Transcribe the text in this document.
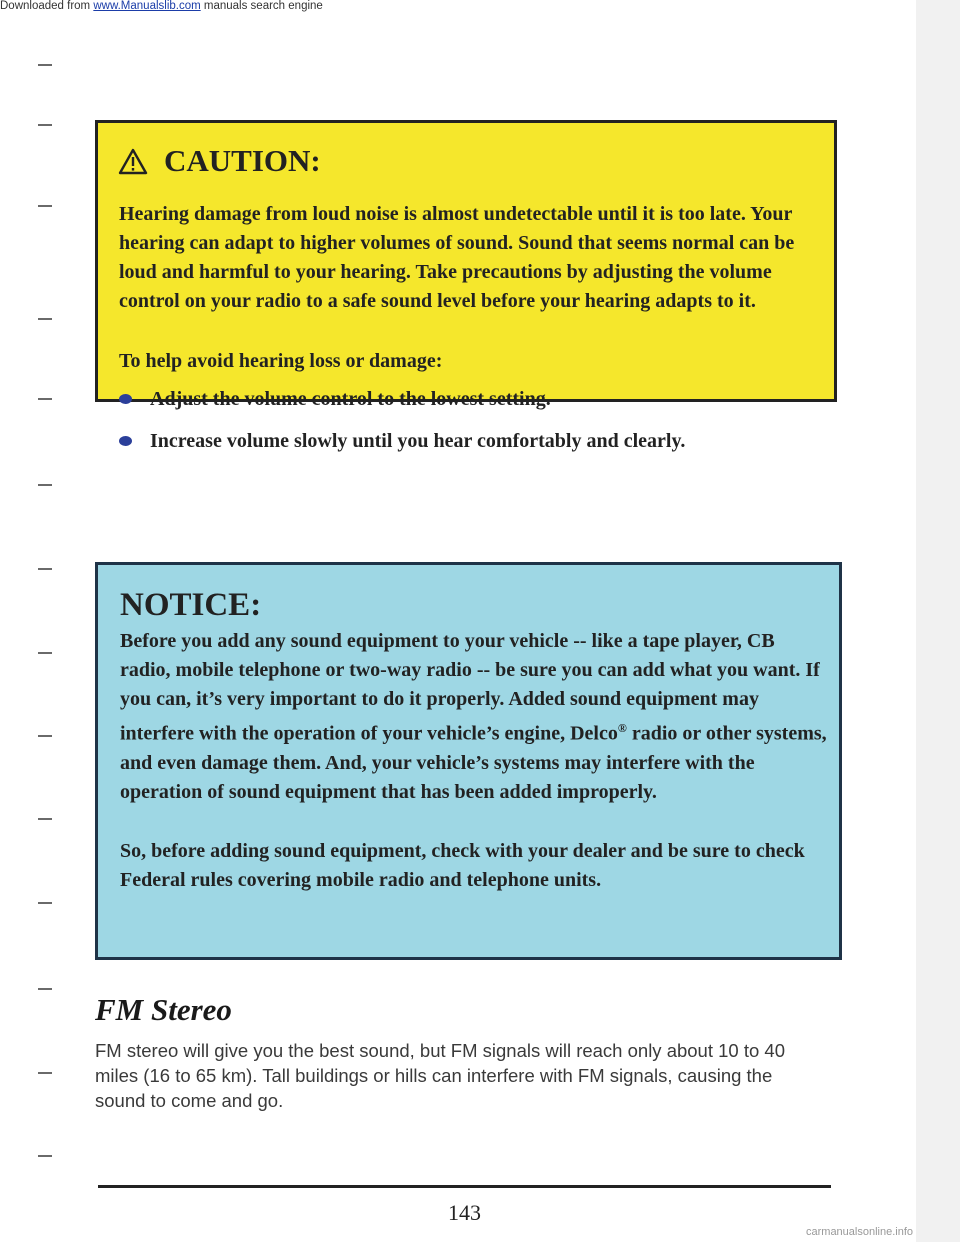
Downloaded from www.Manualslib.com manuals search engine
CAUTION:

Hearing damage from loud noise is almost undetectable until it is too late. Your hearing can adapt to higher volumes of sound. Sound that seems normal can be loud and harmful to your hearing. Take precautions by adjusting the volume control on your radio to a safe sound level before your hearing adapts to it.

To help avoid hearing loss or damage:

Adjust the volume control to the lowest setting.
Increase volume slowly until you hear comfortably and clearly.
NOTICE:

Before you add any sound equipment to your vehicle -- like a tape player, CB radio, mobile telephone or two-way radio -- be sure you can add what you want. If you can, it’s very important to do it properly. Added sound equipment may interfere with the operation of your vehicle’s engine, Delco® radio or other systems, and even damage them. And, your vehicle’s systems may interfere with the operation of sound equipment that has been added improperly.

So, before adding sound equipment, check with your dealer and be sure to check Federal rules covering mobile radio and telephone units.

FM Stereo

FM stereo will give you the best sound, but FM signals will reach only about 10 to 40 miles (16 to 65 km). Tall buildings or hills can interfere with FM signals, causing the sound to come and go.

143
carmanualsonline.info
